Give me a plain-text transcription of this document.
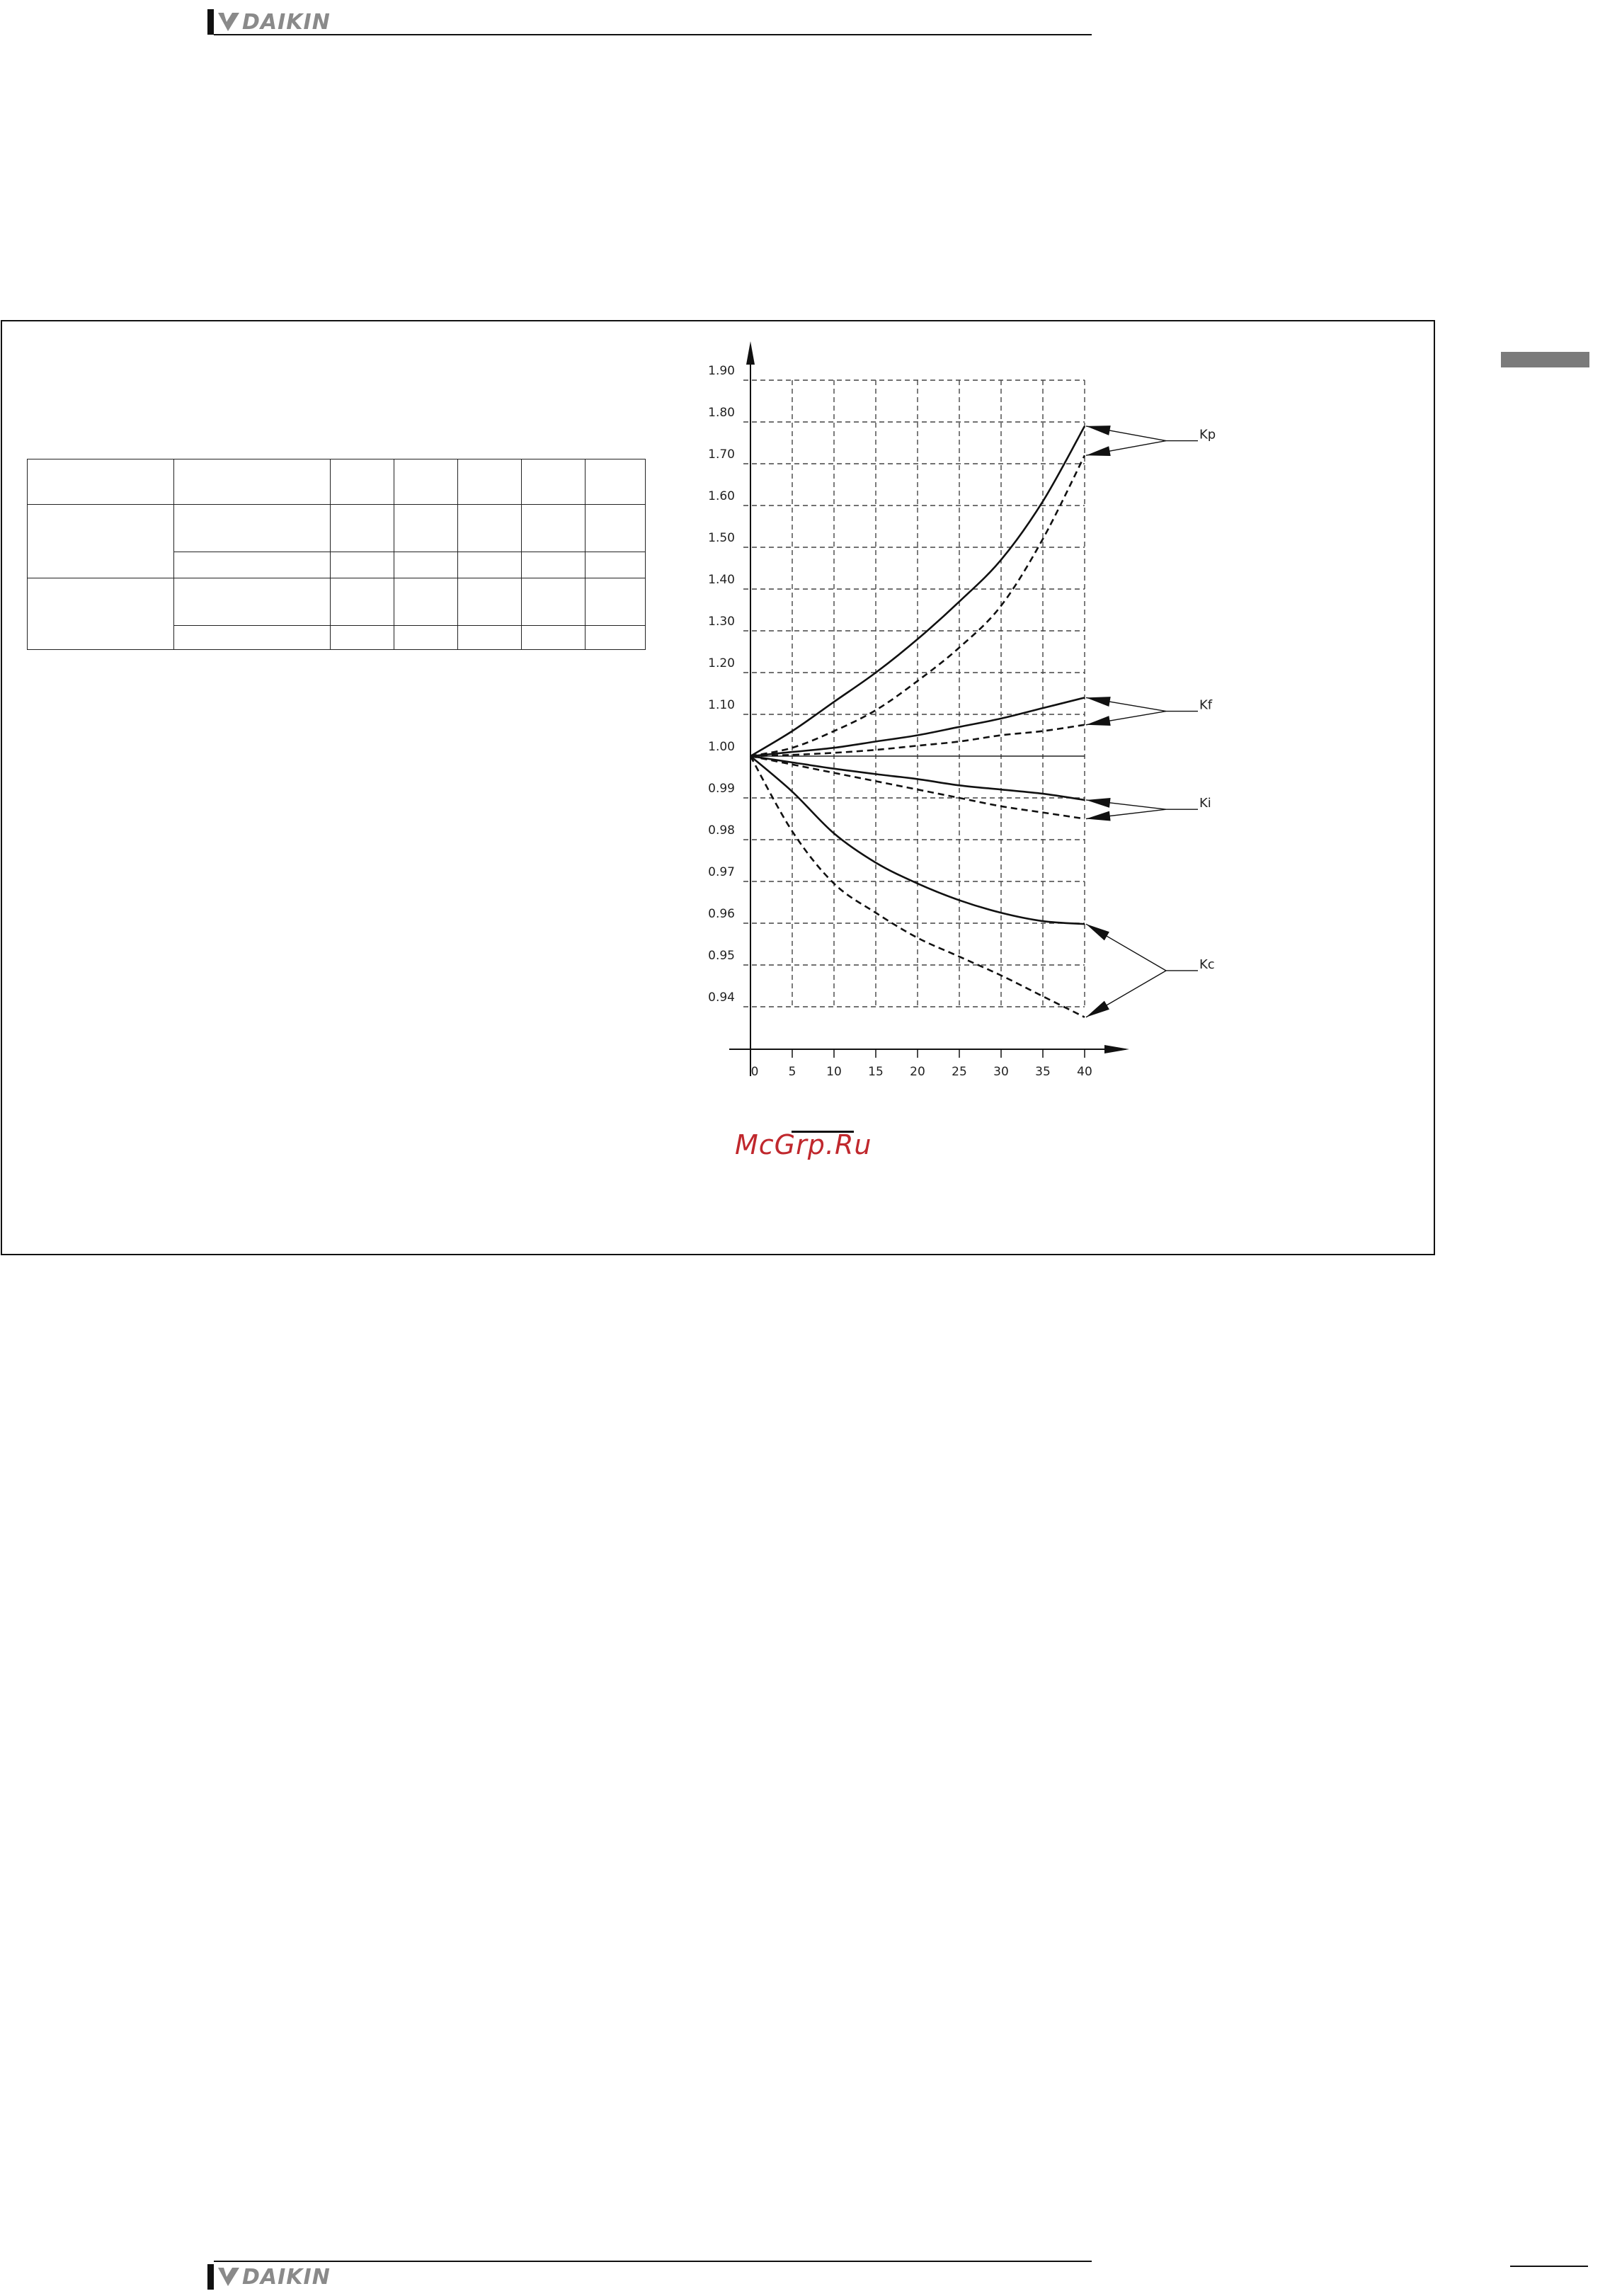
DAIKIN

0 5	10 15 20 25 30 35 40
1.90
1.80
1.70
1.60
1.50
1.40
1.30
1.20
1.10
1.00
0.99
0.98
0.97
0.96
0.95
0.94
Kp
Kf
Ki
Kc
McGrp.Ru
DAIKIN
